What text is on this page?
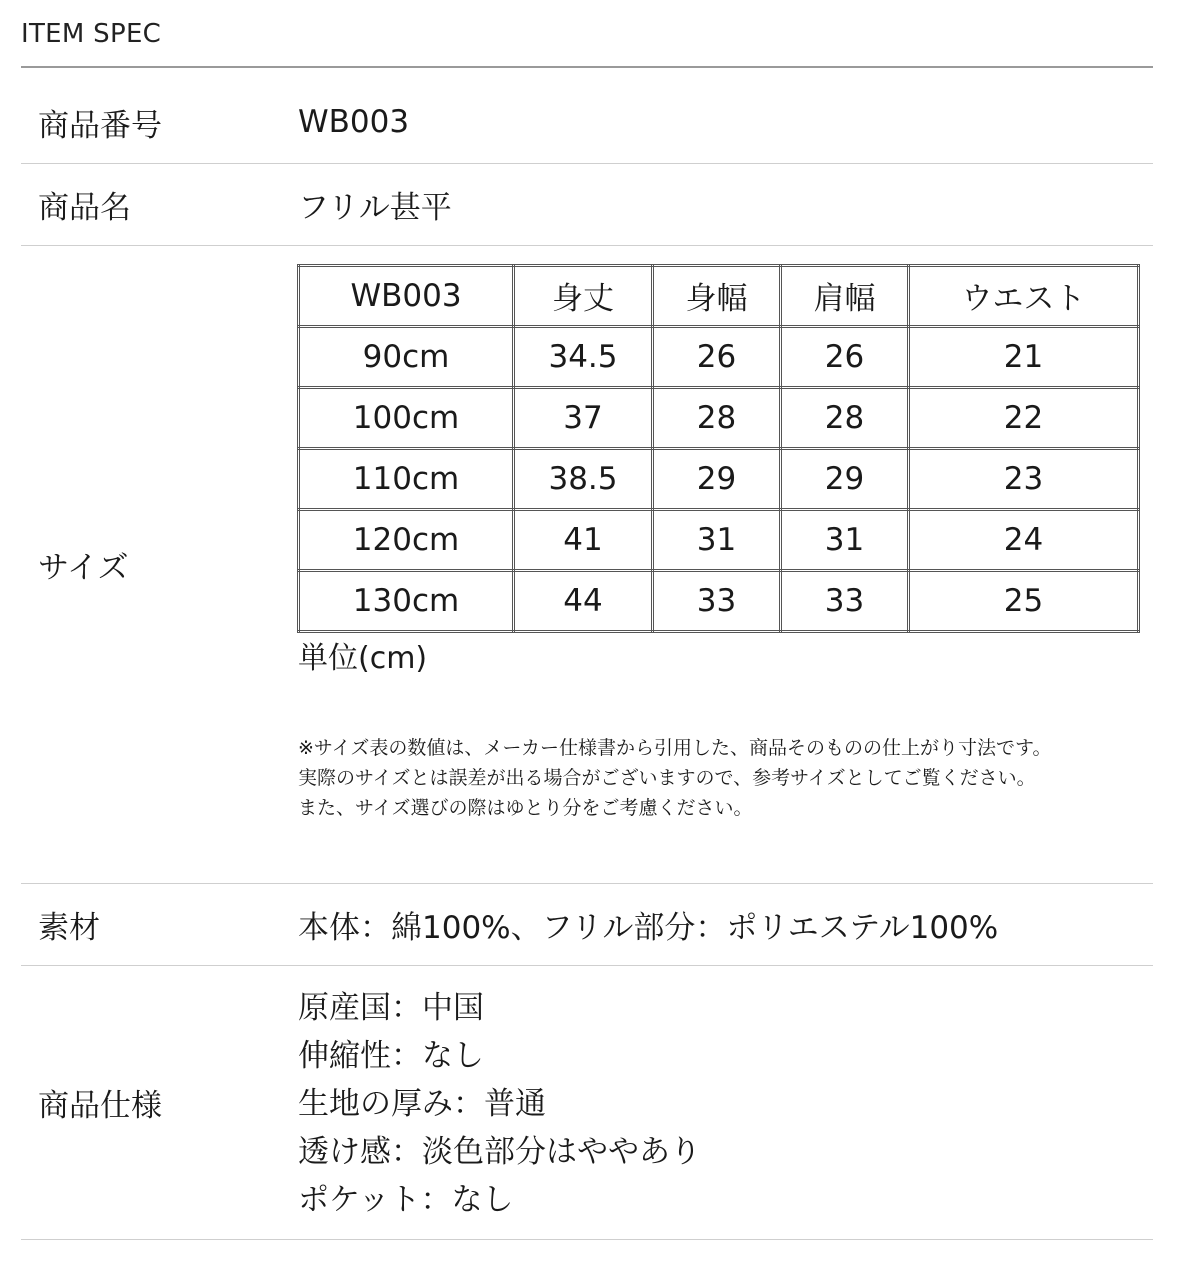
ITEM SPEC
商品番号	WB003
商品名	フリル甚平
サイズ	
WB003	身丈	身幅	肩幅	ウエスト
90cm	34.5	26	26	21
100cm	37	28	28	22
110cm	38.5	29	29	23
120cm	41	31	31	24
130cm	44	33	33	25
単位(cm)
※サイズ表の数値は、メーカー仕様書から引用した、商品そのものの仕上がり寸法です。
実際のサイズとは誤差が出る場合がございますので、参考サイズとしてご覧ください。
また、サイズ選びの際はゆとり分をご考慮ください。

素材	本体：綿100%、フリル部分：ポリエステル100%
商品仕様	
原産国：中国
伸縮性：なし
生地の厚み：普通
透け感：淡色部分はややあり
ポケット：なし
